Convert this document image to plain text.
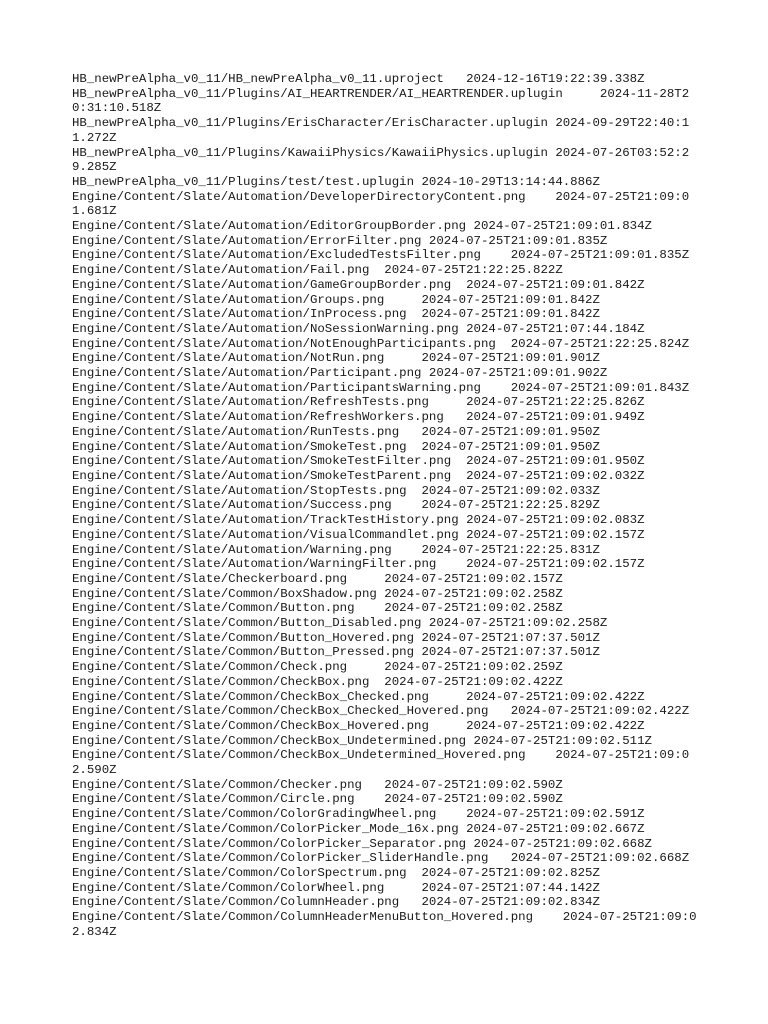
HB_newPreAlpha_v0_11/HB_newPreAlpha_v0_11.uproject   2024-12-16T19:22:39.338Z
HB_newPreAlpha_v0_11/Plugins/AI_HEARTRENDER/AI_HEARTRENDER.uplugin     2024-11-28T20:31:10.518Z
HB_newPreAlpha_v0_11/Plugins/ErisCharacter/ErisCharacter.uplugin 2024-09-29T22:40:11.272Z
HB_newPreAlpha_v0_11/Plugins/KawaiiPhysics/KawaiiPhysics.uplugin 2024-07-26T03:52:29.285Z
HB_newPreAlpha_v0_11/Plugins/test/test.uplugin 2024-10-29T13:14:44.886Z
Engine/Content/Slate/Automation/DeveloperDirectoryContent.png    2024-07-25T21:09:01.681Z
Engine/Content/Slate/Automation/EditorGroupBorder.png 2024-07-25T21:09:01.834Z
Engine/Content/Slate/Automation/ErrorFilter.png 2024-07-25T21:09:01.835Z
Engine/Content/Slate/Automation/ExcludedTestsFilter.png    2024-07-25T21:09:01.835Z
Engine/Content/Slate/Automation/Fail.png  2024-07-25T21:22:25.822Z
Engine/Content/Slate/Automation/GameGroupBorder.png  2024-07-25T21:09:01.842Z
Engine/Content/Slate/Automation/Groups.png     2024-07-25T21:09:01.842Z
Engine/Content/Slate/Automation/InProcess.png  2024-07-25T21:09:01.842Z
Engine/Content/Slate/Automation/NoSessionWarning.png 2024-07-25T21:07:44.184Z
Engine/Content/Slate/Automation/NotEnoughParticipants.png  2024-07-25T21:22:25.824Z
Engine/Content/Slate/Automation/NotRun.png     2024-07-25T21:09:01.901Z
Engine/Content/Slate/Automation/Participant.png 2024-07-25T21:09:01.902Z
Engine/Content/Slate/Automation/ParticipantsWarning.png    2024-07-25T21:09:01.843Z
Engine/Content/Slate/Automation/RefreshTests.png     2024-07-25T21:22:25.826Z
Engine/Content/Slate/Automation/RefreshWorkers.png   2024-07-25T21:09:01.949Z
Engine/Content/Slate/Automation/RunTests.png   2024-07-25T21:09:01.950Z
Engine/Content/Slate/Automation/SmokeTest.png  2024-07-25T21:09:01.950Z
Engine/Content/Slate/Automation/SmokeTestFilter.png  2024-07-25T21:09:01.950Z
Engine/Content/Slate/Automation/SmokeTestParent.png  2024-07-25T21:09:02.032Z
Engine/Content/Slate/Automation/StopTests.png  2024-07-25T21:09:02.033Z
Engine/Content/Slate/Automation/Success.png    2024-07-25T21:22:25.829Z
Engine/Content/Slate/Automation/TrackTestHistory.png 2024-07-25T21:09:02.083Z
Engine/Content/Slate/Automation/VisualCommandlet.png 2024-07-25T21:09:02.157Z
Engine/Content/Slate/Automation/Warning.png    2024-07-25T21:22:25.831Z
Engine/Content/Slate/Automation/WarningFilter.png    2024-07-25T21:09:02.157Z
Engine/Content/Slate/Checkerboard.png     2024-07-25T21:09:02.157Z
Engine/Content/Slate/Common/BoxShadow.png 2024-07-25T21:09:02.258Z
Engine/Content/Slate/Common/Button.png    2024-07-25T21:09:02.258Z
Engine/Content/Slate/Common/Button_Disabled.png 2024-07-25T21:09:02.258Z
Engine/Content/Slate/Common/Button_Hovered.png 2024-07-25T21:07:37.501Z
Engine/Content/Slate/Common/Button_Pressed.png 2024-07-25T21:07:37.501Z
Engine/Content/Slate/Common/Check.png     2024-07-25T21:09:02.259Z
Engine/Content/Slate/Common/CheckBox.png  2024-07-25T21:09:02.422Z
Engine/Content/Slate/Common/CheckBox_Checked.png     2024-07-25T21:09:02.422Z
Engine/Content/Slate/Common/CheckBox_Checked_Hovered.png   2024-07-25T21:09:02.422Z
Engine/Content/Slate/Common/CheckBox_Hovered.png     2024-07-25T21:09:02.422Z
Engine/Content/Slate/Common/CheckBox_Undetermined.png 2024-07-25T21:09:02.511Z
Engine/Content/Slate/Common/CheckBox_Undetermined_Hovered.png    2024-07-25T21:09:02.590Z
Engine/Content/Slate/Common/Checker.png   2024-07-25T21:09:02.590Z
Engine/Content/Slate/Common/Circle.png    2024-07-25T21:09:02.590Z
Engine/Content/Slate/Common/ColorGradingWheel.png    2024-07-25T21:09:02.591Z
Engine/Content/Slate/Common/ColorPicker_Mode_16x.png 2024-07-25T21:09:02.667Z
Engine/Content/Slate/Common/ColorPicker_Separator.png 2024-07-25T21:09:02.668Z
Engine/Content/Slate/Common/ColorPicker_SliderHandle.png   2024-07-25T21:09:02.668Z
Engine/Content/Slate/Common/ColorSpectrum.png  2024-07-25T21:09:02.825Z
Engine/Content/Slate/Common/ColorWheel.png     2024-07-25T21:07:44.142Z
Engine/Content/Slate/Common/ColumnHeader.png   2024-07-25T21:09:02.834Z
Engine/Content/Slate/Common/ColumnHeaderMenuButton_Hovered.png    2024-07-25T21:09:02.834Z
